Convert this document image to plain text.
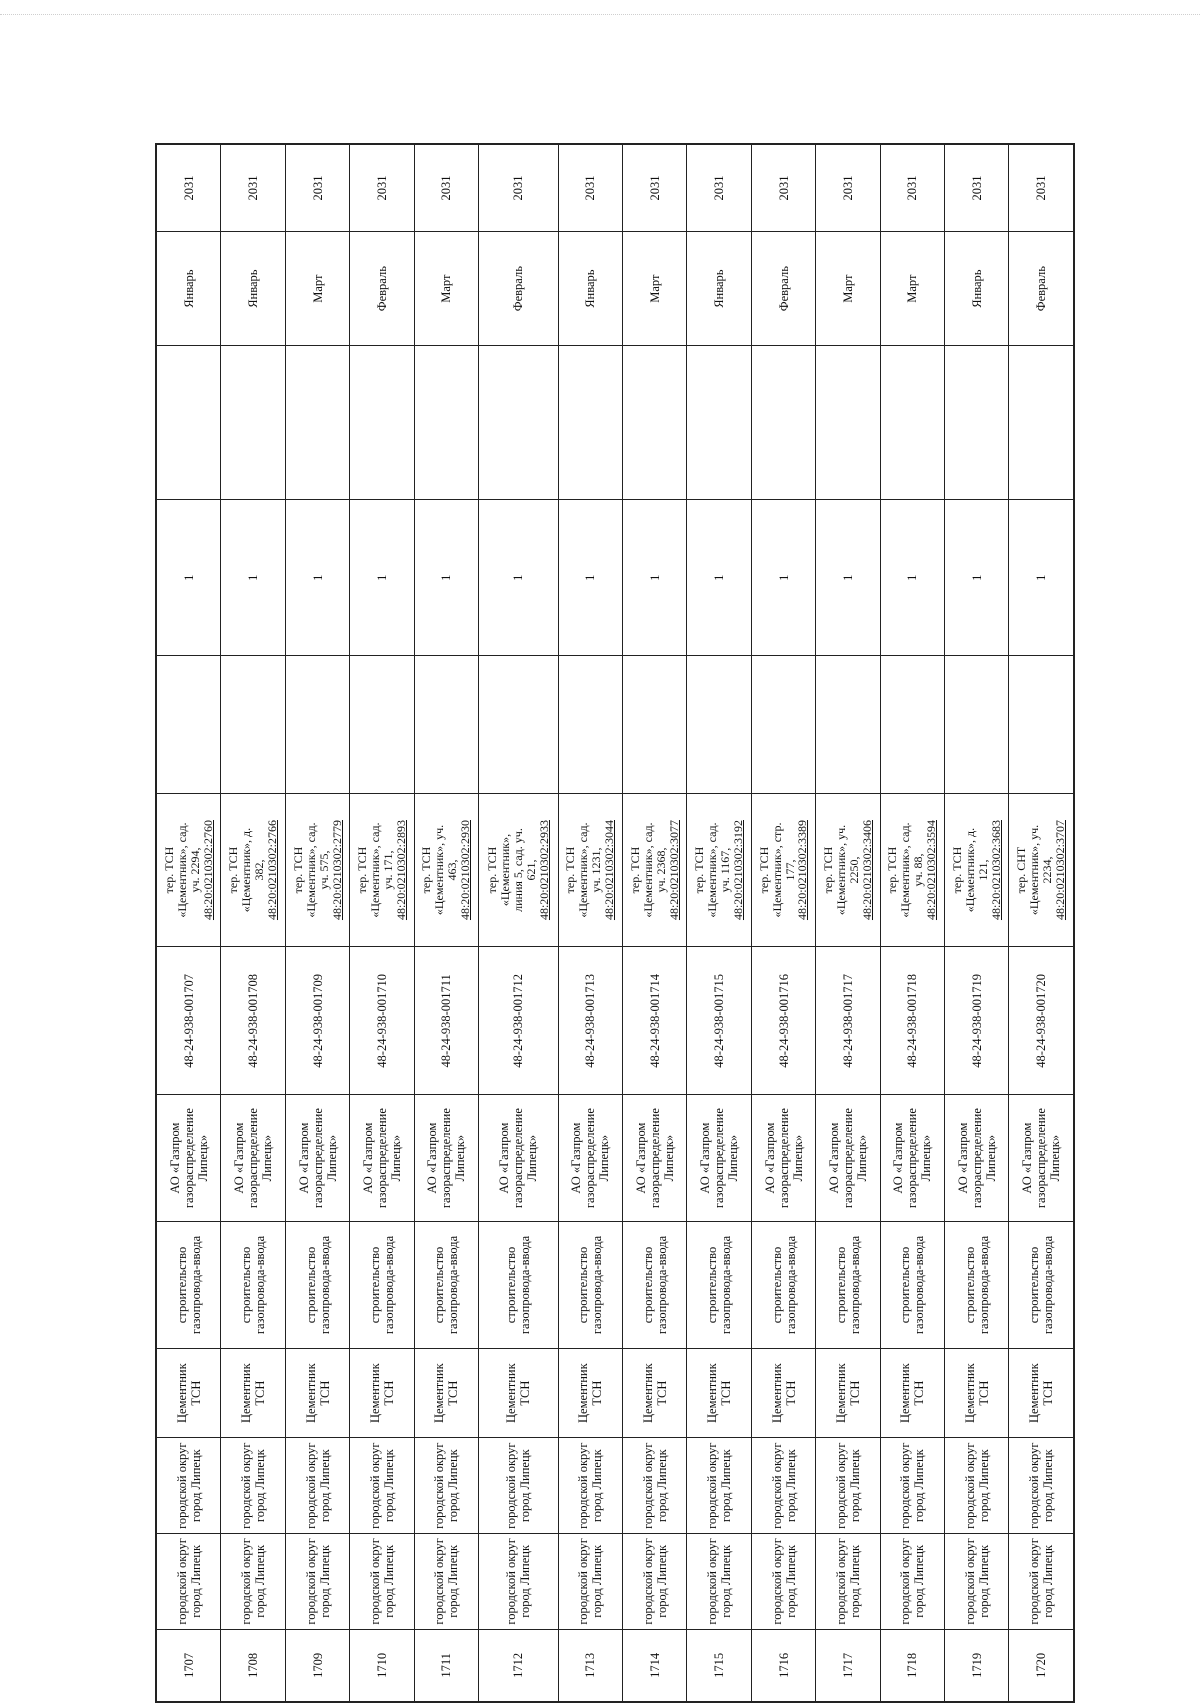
1707	городской округ город Липецк	городской округ город Липецк	Цементник ТСН	строительство газопровода-ввода	АО «Газпром газораспределение Липецк»	48-24-938-001707	тер. ТСН
«Цементник», сад.
уч. 2294,
48:20:0210302:2760		1		Январь	2031
1708	городской округ город Липецк	городской округ город Липецк	Цементник ТСН	строительство газопровода-ввода	АО «Газпром газораспределение Липецк»	48-24-938-001708	тер. ТСН
«Цементник», д.
382,
48:20:0210302:2766		1		Январь	2031
1709	городской округ город Липецк	городской округ город Липецк	Цементник ТСН	строительство газопровода-ввода	АО «Газпром газораспределение Липецк»	48-24-938-001709	тер. ТСН
«Цементник», сад.
уч. 575,
48:20:0210302:2779		1		Март	2031
1710	городской округ город Липецк	городской округ город Липецк	Цементник ТСН	строительство газопровода-ввода	АО «Газпром газораспределение Липецк»	48-24-938-001710	тер. ТСН
«Цементник», сад.
уч. 171,
48:20:0210302:2893		1		Февраль	2031
1711	городской округ город Липецк	городской округ город Липецк	Цементник ТСН	строительство газопровода-ввода	АО «Газпром газораспределение Липецк»	48-24-938-001711	тер. ТСН
«Цементник», уч.
463,
48:20:0210302:2930		1		Март	2031
1712	городской округ город Липецк	городской округ город Липецк	Цементник ТСН	строительство газопровода-ввода	АО «Газпром газораспределение Липецк»	48-24-938-001712	тер. ТСН
«Цементник»,
линия 5, сад. уч.
621,
48:20:0210302:2933		1		Февраль	2031
1713	городской округ город Липецк	городской округ город Липецк	Цементник ТСН	строительство газопровода-ввода	АО «Газпром газораспределение Липецк»	48-24-938-001713	тер. ТСН
«Цементник», сад.
уч. 1231,
48:20:0210302:3044		1		Январь	2031
1714	городской округ город Липецк	городской округ город Липецк	Цементник ТСН	строительство газопровода-ввода	АО «Газпром газораспределение Липецк»	48-24-938-001714	тер. ТСН
«Цементник», сад.
уч. 2368,
48:20:0210302:3077		1		Март	2031
1715	городской округ город Липецк	городской округ город Липецк	Цементник ТСН	строительство газопровода-ввода	АО «Газпром газораспределение Липецк»	48-24-938-001715	тер. ТСН
«Цементник», сад.
уч. 1167,
48:20:0210302:3192		1		Январь	2031
1716	городской округ город Липецк	городской округ город Липецк	Цементник ТСН	строительство газопровода-ввода	АО «Газпром газораспределение Липецк»	48-24-938-001716	тер. ТСН
«Цементник», стр.
177,
48:20:0210302:3389		1		Февраль	2031
1717	городской округ город Липецк	городской округ город Липецк	Цементник ТСН	строительство газопровода-ввода	АО «Газпром газораспределение Липецк»	48-24-938-001717	тер. ТСН
«Цементник», уч.
2250,
48:20:0210302:3406		1		Март	2031
1718	городской округ город Липецк	городской округ город Липецк	Цементник ТСН	строительство газопровода-ввода	АО «Газпром газораспределение Липецк»	48-24-938-001718	тер. ТСН
«Цементник», сад.
уч. 88,
48:20:0210302:3594		1		Март	2031
1719	городской округ город Липецк	городской округ город Липецк	Цементник ТСН	строительство газопровода-ввода	АО «Газпром газораспределение Липецк»	48-24-938-001719	тер. ТСН
«Цементник», д.
121,
48:20:0210302:3683		1		Январь	2031
1720	городской округ город Липецк	городской округ город Липецк	Цементник ТСН	строительство газопровода-ввода	АО «Газпром газораспределение Липецк»	48-24-938-001720	тер. СНТ
«Цементник», уч.
2234,
48:20:0210302:3707		1		Февраль	2031
